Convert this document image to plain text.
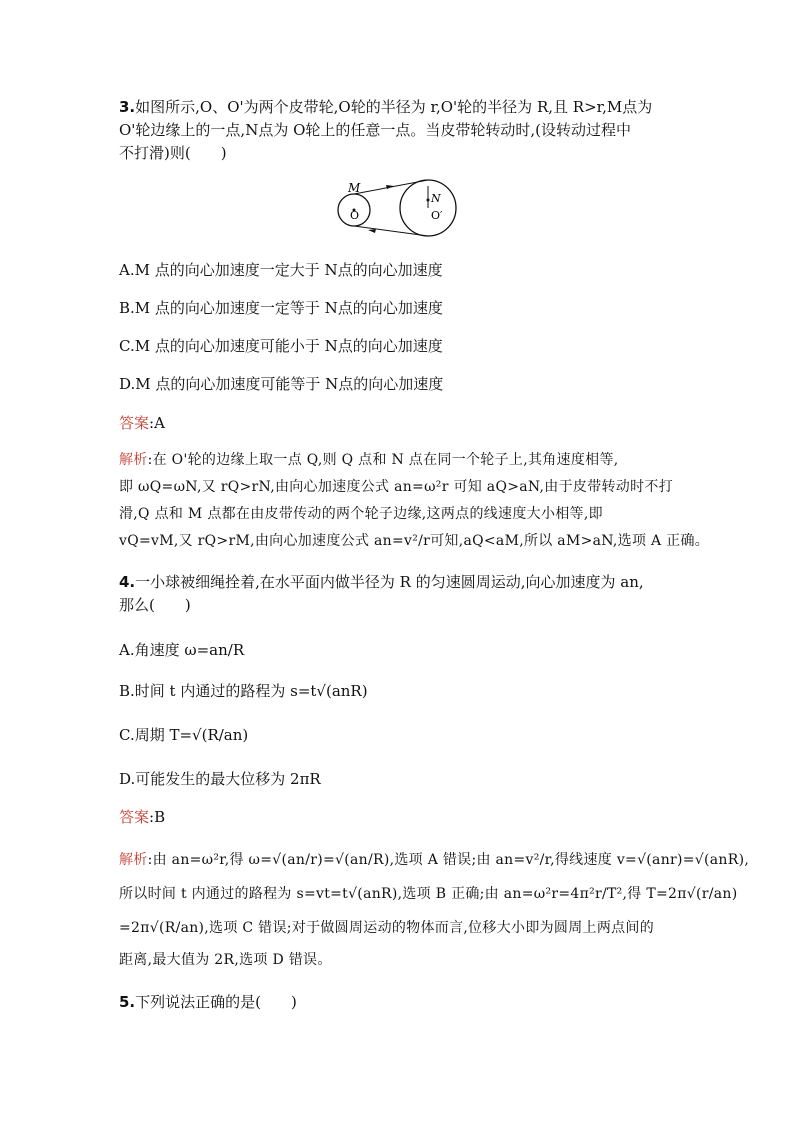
3.如图所示,O、O'为两个皮带轮,O轮的半径为 r,O'轮的半径为 R,且 R>r,M点为
O'轮边缘上的一点,N点为 O轮上的任意一点。当皮带轮转动时,(设转动过程中
不打滑)则(　　)
M
N
O	O′
A.M 点的向心加速度一定大于 N点的向心加速度
B.M 点的向心加速度一定等于 N点的向心加速度
C.M 点的向心加速度可能小于 N点的向心加速度
D.M 点的向心加速度可能等于 N点的向心加速度
答案:A
解析:在 O'轮的边缘上取一点 Q,则 Q 点和 N 点在同一个轮子上,其角速度相等,
即 ωQ=ωN,又 rQ>rN,由向心加速度公式 an=ω²r 可知 aQ>aN,由于皮带转动时不打
滑,Q 点和 M 点都在由皮带传动的两个轮子边缘,这两点的线速度大小相等,即
vQ=vM,又 rQ>rM,由向心加速度公式 an=v²/r可知,aQ<aM,所以 aM>aN,选项 A 正确。
4.一小球被细绳拴着,在水平面内做半径为 R 的匀速圆周运动,向心加速度为 an,
那么(　　)
A.角速度 ω=an/R
B.时间 t 内通过的路程为 s=t√(anR)
C.周期 T=√(R/an)
D.可能发生的最大位移为 2πR
答案:B
解析:由 an=ω²r,得 ω=√(an/r)=√(an/R),选项 A 错误;由 an=v²/r,得线速度 v=√(anr)=√(anR),
所以时间 t 内通过的路程为 s=vt=t√(anR),选项 B 正确;由 an=ω²r=4π²r/T²,得 T=2π√(r/an)
=2π√(R/an),选项 C 错误;对于做圆周运动的物体而言,位移大小即为圆周上两点间的
距离,最大值为 2R,选项 D 错误。
5.下列说法正确的是(　　)
